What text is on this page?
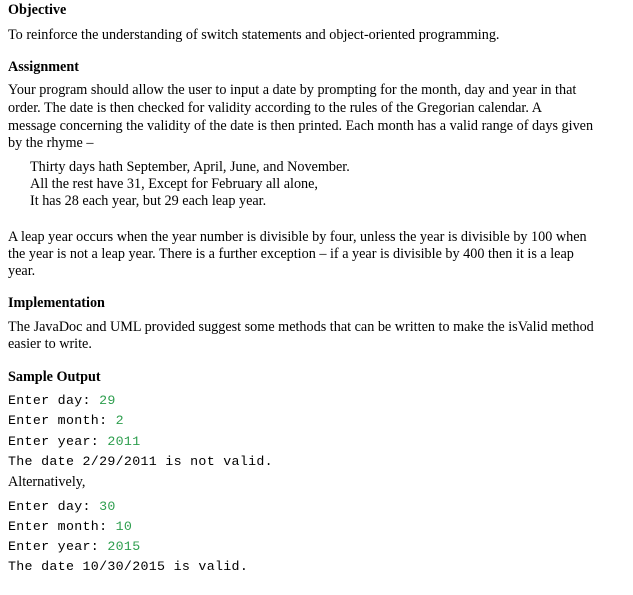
Objective
To reinforce the understanding of switch statements and object-oriented programming.
Assignment
Your program should allow the user to input a date by prompting for the month, day and year in that
order. The date is then checked for validity according to the rules of the Gregorian calendar. A
message concerning the validity of the date is then printed. Each month has a valid range of days given
by the rhyme –
Thirty days hath September, April, June, and November.
All the rest have 31, Except for February all alone,
It has 28 each year, but 29 each leap year.
A leap year occurs when the year number is divisible by four, unless the year is divisible by 100 when
the year is not a leap year. There is a further exception – if a year is divisible by 400 then it is a leap
year.
Implementation
The JavaDoc and UML provided suggest some methods that can be written to make the isValid method
easier to write.
Sample Output
Enter day: 29
Enter month: 2
Enter year: 2011
The date 2/29/2011 is not valid.
Alternatively,
Enter day: 30
Enter month: 10
Enter year: 2015
The date 10/30/2015 is valid.
